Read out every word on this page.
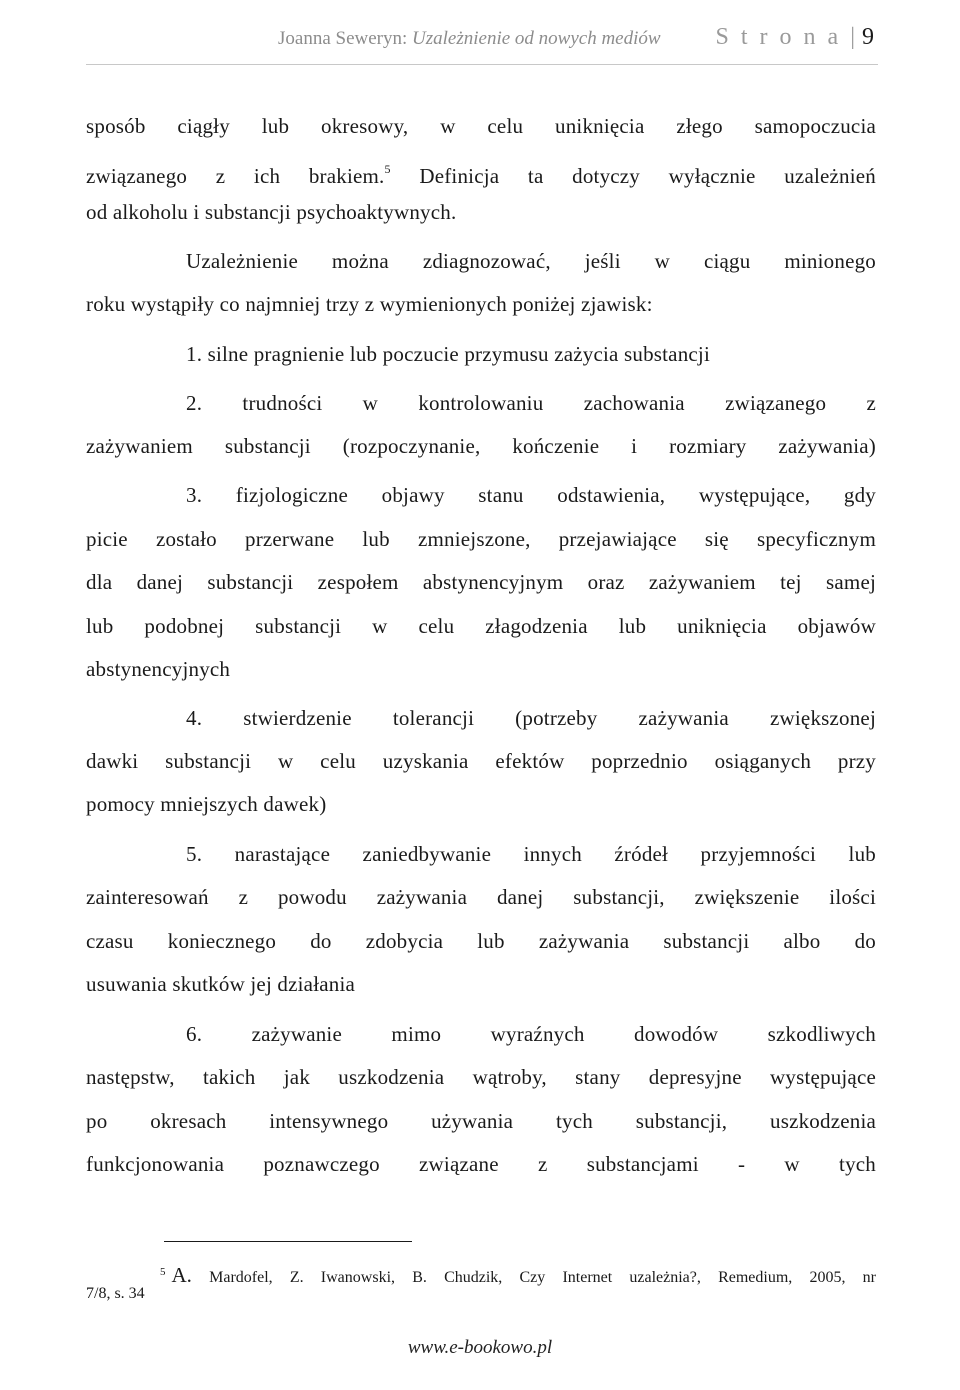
Joanna Seweryn: Uzależnienie od nowych mediów S t r o n a | 9
sposób ciągły lub okresowy, w celu uniknięcia złego samopoczucia
związanego z ich brakiem.$^5$ Definicja ta dotyczy wyłącznie uzależnień
od alkoholu i substancji psychoaktywnych.
Uzależnienie można zdiagnozować, jeśli w ciągu minionego
roku wystąpiły co najmniej trzy z wymienionych poniżej zjawisk:
1. silne pragnienie lub poczucie przymusu zażycia substancji
2. trudności w kontrolowaniu zachowania związanego z
zażywaniem substancji (rozpoczynanie, kończenie i rozmiary zażywania)
3. fizjologiczne objawy stanu odstawienia, występujące, gdy
picie zostało przerwane lub zmniejszone, przejawiające się specyficznym
dla danej substancji zespołem abstynencyjnym oraz zażywaniem tej samej
lub podobnej substancji w celu złagodzenia lub uniknięcia objawów
abstynencyjnych
4. stwierdzenie tolerancji (potrzeby zażywania zwiększonej
dawki substancji w celu uzyskania efektów poprzednio osiąganych przy
pomocy mniejszych dawek)
5. narastające zaniedbywanie innych źródeł przyjemności lub
zainteresowań z powodu zażywania danej substancji, zwiększenie ilości
czasu koniecznego do zdobycia lub zażywania substancji albo do
usuwania skutków jej działania
6. zażywanie mimo wyraźnych dowodów szkodliwych
następstw, takich jak uszkodzenia wątroby, stany depresyjne występujące
po okresach intensywnego używania tych substancji, uszkodzenia
funkcjonowania poznawczego związane z substancjami - w tych
$^5$ A. Mardofel, Z. Iwanowski, B. Chudzik, Czy Internet uzależnia?, Remedium, 2005, nr
7/8, s. 34
www.e-bookowo.pl
